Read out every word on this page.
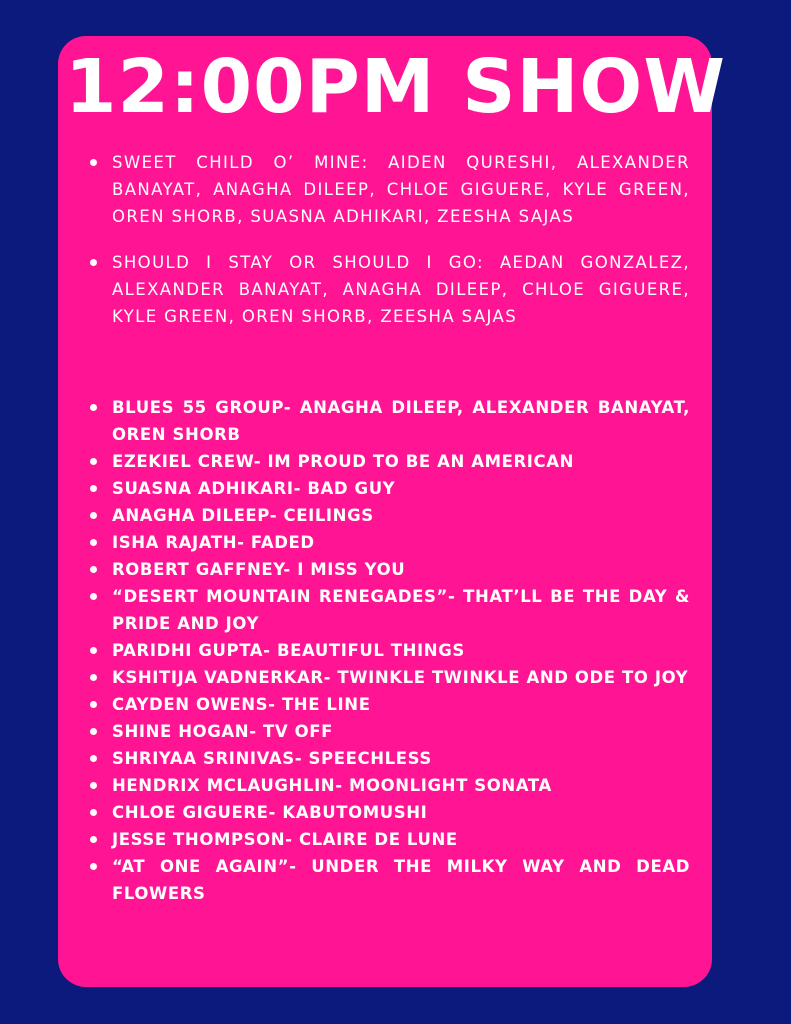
12:00PM SHOW
SWEET CHILD O’ MINE: AIDEN QURESHI, ALEXANDER BANAYAT, ANAGHA DILEEP, CHLOE GIGUERE, KYLE GREEN, OREN SHORB, SUASNA ADHIKARI, ZEESHA SAJAS
SHOULD I STAY OR SHOULD I GO: AEDAN GONZALEZ, ALEXANDER BANAYAT, ANAGHA DILEEP, CHLOE GIGUERE, KYLE GREEN, OREN SHORB, ZEESHA SAJAS
BLUES 55 GROUP- ANAGHA DILEEP, ALEXANDER BANAYAT, OREN SHORB
EZEKIEL CREW- IM PROUD TO BE AN AMERICAN
SUASNA ADHIKARI- BAD GUY
ANAGHA DILEEP- CEILINGS
ISHA RAJATH- FADED
ROBERT GAFFNEY- I MISS YOU
“DESERT MOUNTAIN RENEGADES”- THAT’LL BE THE DAY & PRIDE AND JOY
PARIDHI GUPTA- BEAUTIFUL THINGS
KSHITIJA VADNERKAR- TWINKLE TWINKLE AND ODE TO JOY
CAYDEN OWENS- THE LINE
SHINE HOGAN- TV OFF
SHRIYAA SRINIVAS- SPEECHLESS
HENDRIX MCLAUGHLIN- MOONLIGHT SONATA
CHLOE GIGUERE- KABUTOMUSHI
JESSE THOMPSON- CLAIRE DE LUNE
“AT ONE AGAIN”- UNDER THE MILKY WAY AND DEAD FLOWERS
